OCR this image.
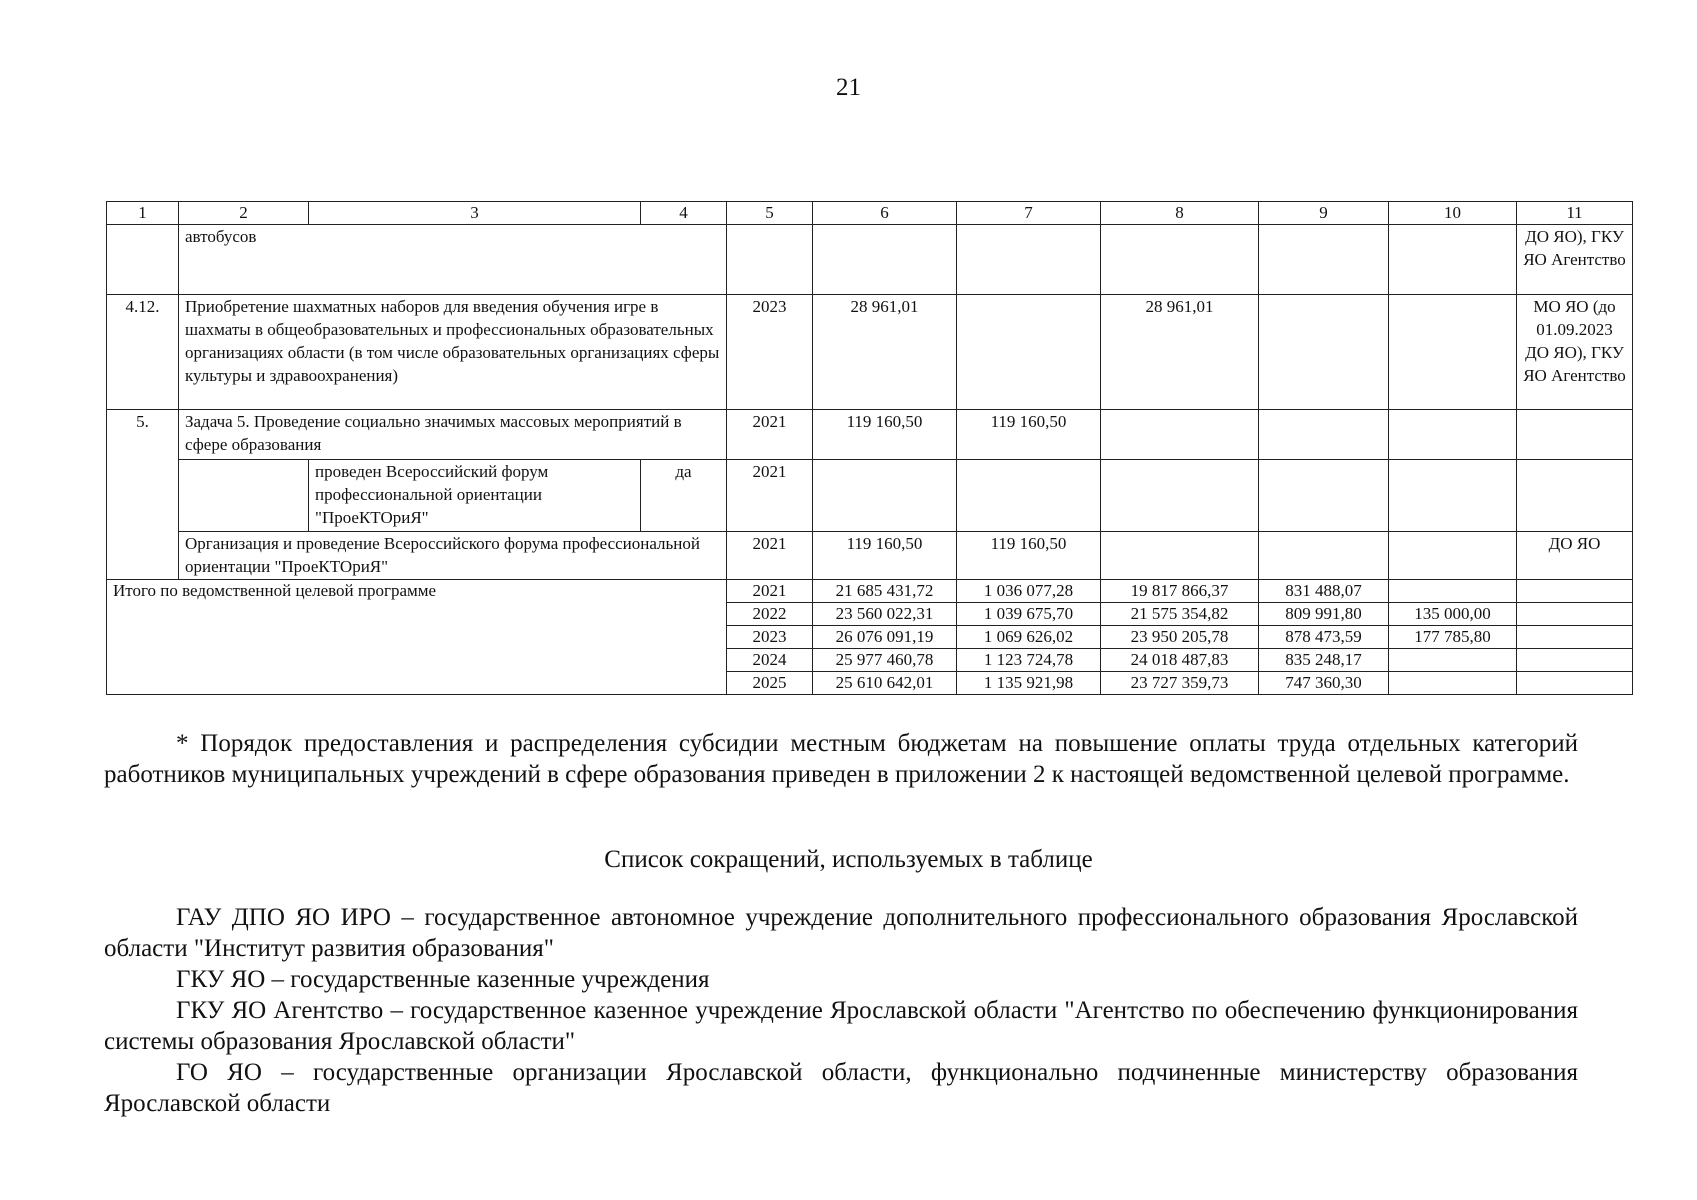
21
1	2	3	4	5	6	7	8	9	10	11
	автобусов									ДО ЯО), ГКУ ЯО Агентство
4.12.	Приобретение шахматных наборов для введения обучения игре в шахматы в общеобразовательных и профессиональных образовательных организациях области (в том числе образовательных организациях сферы культуры и здравоохранения)			2023	28 961,01		28 961,01			МО ЯО (до 01.09.2023 ДО ЯО), ГКУ ЯО Агентство
5.	Задача 5. Проведение социально значимых массовых мероприятий в сфере образования			2021	119 160,50	119 160,50				
		проведен Всероссийский форум профессиональной ориентации "ПроеКТОриЯ"	да	2021						
	Организация и проведение Всероссийского форума профессиональной ориентации "ПроеКТОриЯ"			2021	119 160,50	119 160,50				ДО ЯО
Итого по ведомственной целевой программе				2021	21 685 431,72	1 036 077,28	19 817 866,37	831 488,07		
				2022	23 560 022,31	1 039 675,70	21 575 354,82	809 991,80	135 000,00	
				2023	26 076 091,19	1 069 626,02	23 950 205,78	878 473,59	177 785,80	
				2024	25 977 460,78	1 123 724,78	24 018 487,83	835 248,17		
				2025	25 610 642,01	1 135 921,98	23 727 359,73	747 360,30		
* Порядок предоставления и распределения субсидии местным бюджетам на повышение оплаты труда отдельных категорий работников муниципальных учреждений в сфере образования приведен в приложении 2 к настоящей ведомственной целевой программе.
Список сокращений, используемых в таблице

ГАУ ДПО ЯО ИРО – государственное автономное учреждение дополнительного профессионального образования Ярославской области "Институт развития образования"

ГКУ ЯО – государственные казенные учреждения

ГКУ ЯО Агентство – государственное казенное учреждение Ярославской области "Агентство по обеспечению функционирования системы образования Ярославской области"

ГО ЯО – государственные организации Ярославской области, функционально подчиненные министерству образования Ярославской области
